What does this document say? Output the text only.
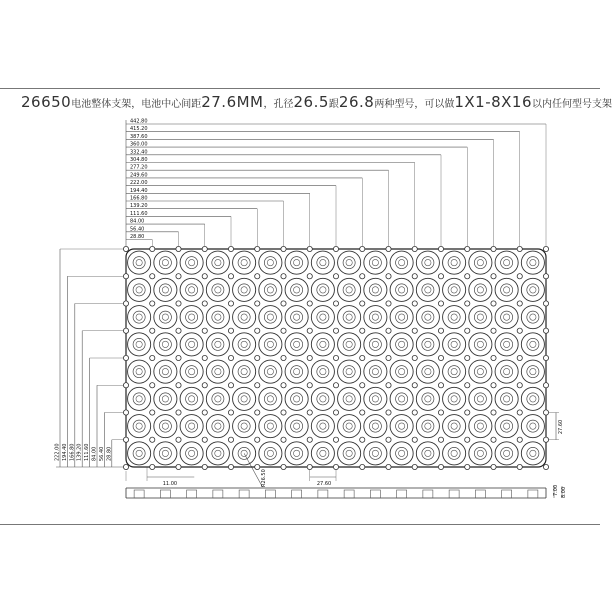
26650电池整体支架，电池中心间距27.6MM，孔径26.5跟26.8两种型号，可以做1X1-8X16以内任何型号支架
442.80
415.20
387.60
360.00
332.40
304.80
277.20
249.60
222.00
194.40
166.80
139.20
111.60
84.00
56.40
28.80
222.00 194.40 166.80 139.20 111.60 84.00 56.40 28.80
27.60
11.00	R26.50	27.60
7.00 8.00
